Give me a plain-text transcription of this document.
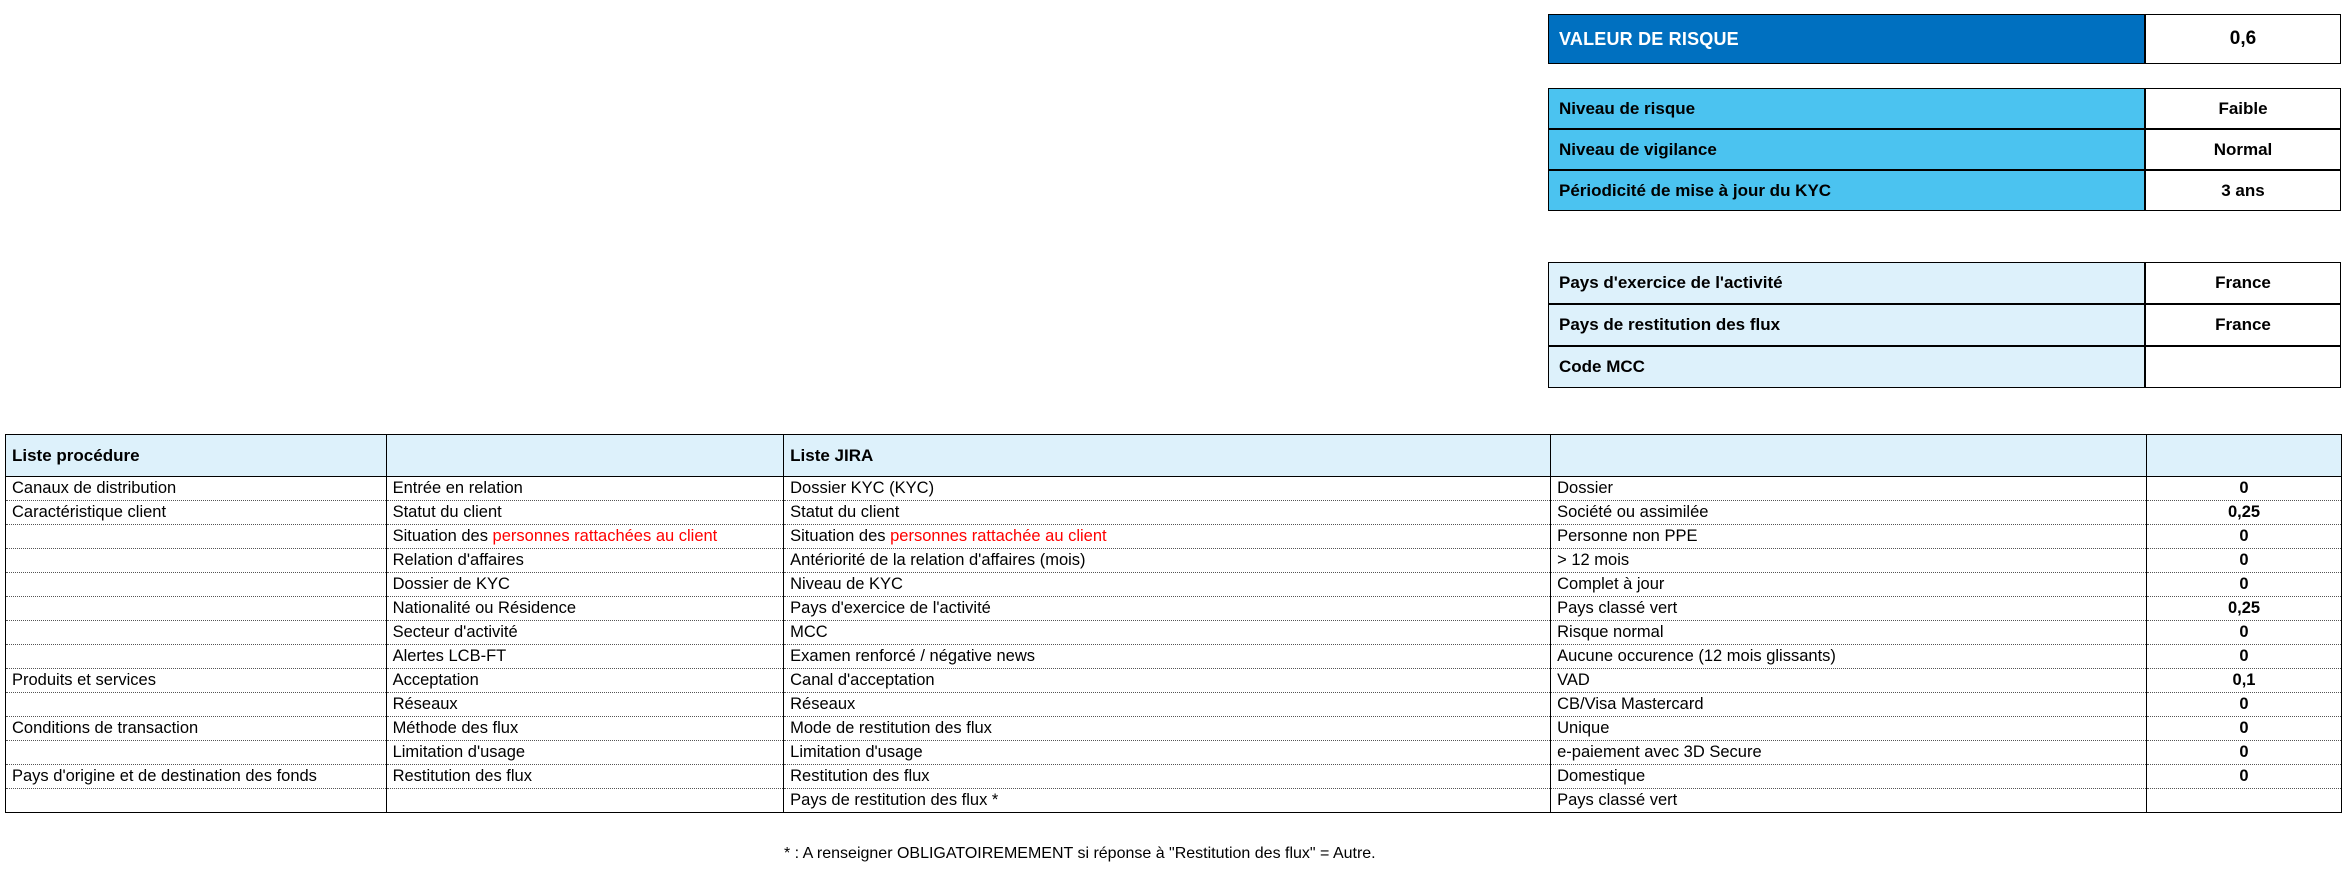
VALEUR DE RISQUE	0,6
Niveau de risque	Faible
Niveau de vigilance	Normal
Périodicité de mise à jour du KYC	3 ans
Pays d'exercice de l'activité	France
Pays de restitution des flux	France
Code MCC
Liste procédure		Liste JIRA		
Canaux de distribution	Entrée en relation	Dossier KYC (KYC)	Dossier	0
Caractéristique client	Statut du client	Statut du client	Société ou assimilée	0,25
	Situation des personnes rattachées au client	Situation des personnes rattachée au client	Personne non PPE	0
	Relation d'affaires	Antériorité de la relation d'affaires (mois)	> 12 mois	0
	Dossier de KYC	Niveau de KYC	Complet à jour	0
	Nationalité ou Résidence	Pays d'exercice de l'activité	Pays classé vert	0,25
	Secteur d'activité	MCC	Risque normal	0
	Alertes LCB-FT	Examen renforcé / négative news	Aucune occurence (12 mois glissants)	0
Produits et services	Acceptation	Canal d'acceptation	VAD	0,1
	Réseaux	Réseaux	CB/Visa Mastercard	0
Conditions de transaction	Méthode des flux	Mode de restitution des flux	Unique	0
	Limitation d'usage	Limitation d'usage	e-paiement avec 3D Secure	0
Pays d'origine et de destination des fonds	Restitution des flux	Restitution des flux	Domestique	0
		Pays de restitution des flux *	Pays classé vert	
* : A renseigner OBLIGATOIREMEMENT si réponse à "Restitution des flux" = Autre.
